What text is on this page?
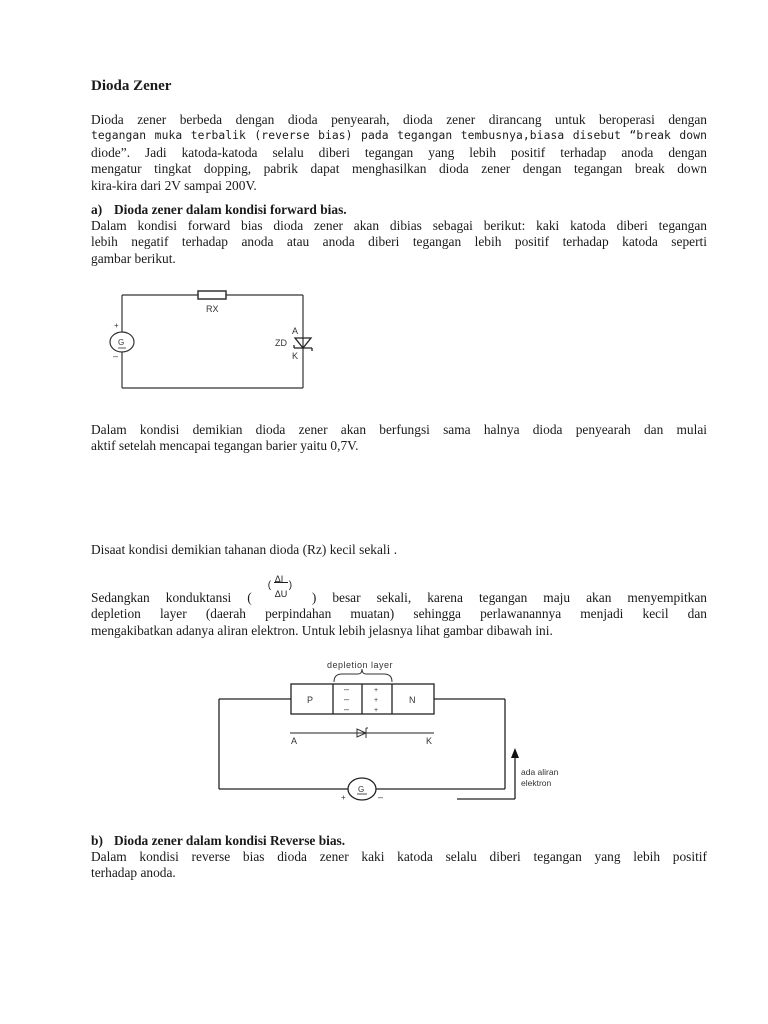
Dioda Zener
Dioda zener berbeda dengan dioda penyearah, dioda zener dirancang untuk beroperasi dengan
tegangan muka terbalik (reverse bias) pada tegangan tembusnya,biasa disebut “break down
diode”. Jadi katoda-katoda selalu diberi tegangan yang lebih positif terhadap anoda dengan
mengatur tingkat dopping, pabrik dapat menghasilkan dioda zener dengan tegangan break down
kira-kira dari 2V sampai 200V.
a) Dioda zener dalam kondisi forward bias.
Dalam kondisi forward bias dioda zener akan dibias sebagai berikut: kaki katoda diberi tegangan
lebih negatif terhadap anoda atau anoda diberi tegangan lebih positif terhadap katoda seperti
gambar berikut.
RX
G
+
–
ZD
A
K
Dalam kondisi demikian dioda zener akan berfungsi sama halnya dioda penyearah dan mulai
aktif setelah mencapai tegangan barier yaitu 0,7V.
Disaat kondisi demikian tahanan dioda (Rz) kecil sekali .
Sedangkan konduktansi (
(
ΔI
ΔU
)
) besar sekali, karena tegangan maju akan menyempitkan
depletion layer (daerah perpindahan muatan) sehingga perlawanannya menjadi kecil dan
mengakibatkan adanya aliran elektron. Untuk lebih jelasnya lihat gambar dibawah ini.
depletion layer
P	N
–
–
–
+
+
+
A	K
G
+	–
ada aliran
elektron
b) Dioda zener dalam kondisi Reverse bias.
Dalam kondisi reverse bias dioda zener kaki katoda selalu diberi tegangan yang lebih positif
terhadap anoda.
